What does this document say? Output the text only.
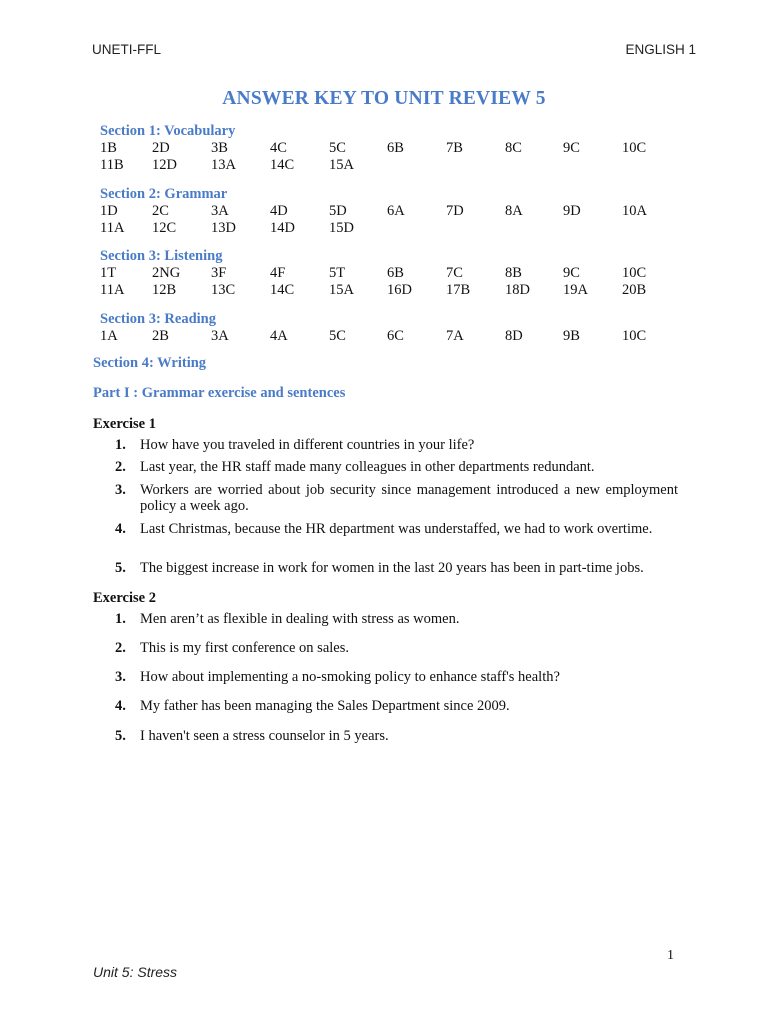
UNETI-FFL	ENGLISH 1
ANSWER KEY TO UNIT REVIEW 5
Section 1: Vocabulary
1B 2D	3B	4C	5C	6B	7B	8C	9C	10C
11B 12D 13A 14C 15A
Section 2: Grammar
1D 2C	3A	4D	5D	6A	7D	8A	9D	10A
11A 12C 13D 14D 15D
Section 3: Listening
1T 2NG 3F	4F	5T	6B	7C	8B	9C	10C
11A 12B 13C 14C 15A 16D 17B 18D 19A 20B
Section 3: Reading
1A 2B	3A	4A	5C	6C	7A	8D	9B	10C
Section 4: Writing
Part I : Grammar exercise and sentences
Exercise 1
1. How have you traveled in different countries in your life?
2. Last year, the HR staff made many colleagues in other departments redundant.
3. Workers are worried about job security since management introduced a new employment policy a week ago.
4. Last Christmas, because the HR department was understaffed, we had to work overtime.
5. The biggest increase in work for women in the last 20 years has been in part-time jobs.
Exercise 2
1. Men aren’t as flexible in dealing with stress as women.
2. This is my first conference on sales.
3. How about implementing a no-smoking policy to enhance staff's health?
4. My father has been managing the Sales Department since 2009.
5. I haven't seen a stress counselor in 5 years.
1
Unit 5: Stress
